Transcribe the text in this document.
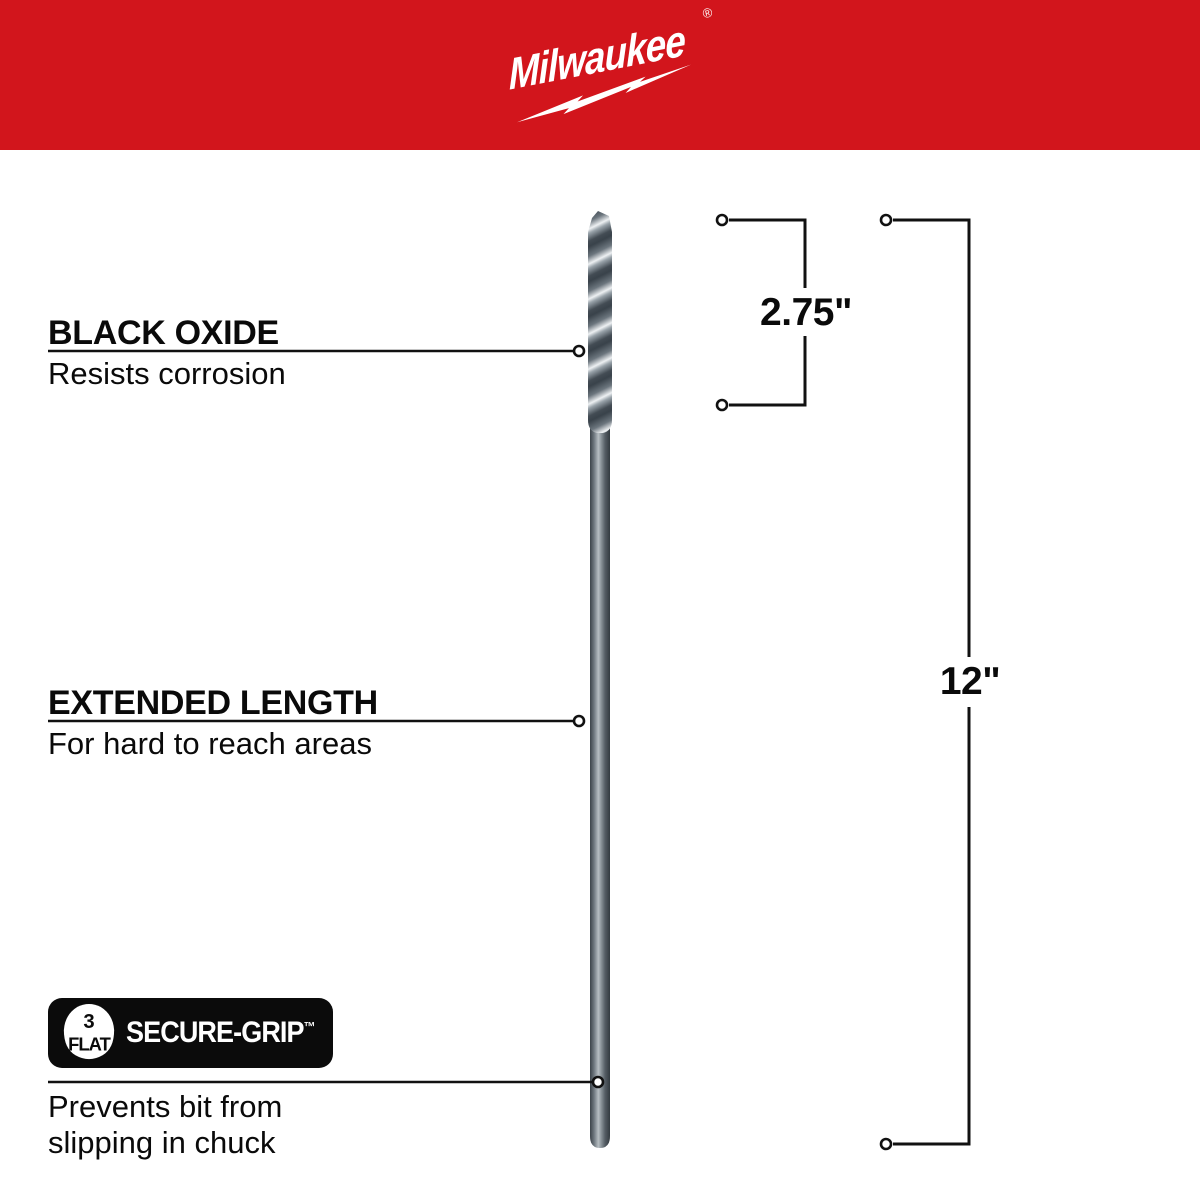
Milwaukee
®
BLACK OXIDE
Resists corrosion
EXTENDED LENGTH
For hard to reach areas
3
FLAT SECURE-GRIP™
Prevents bit from slipping in chuck
2.75"
12"
